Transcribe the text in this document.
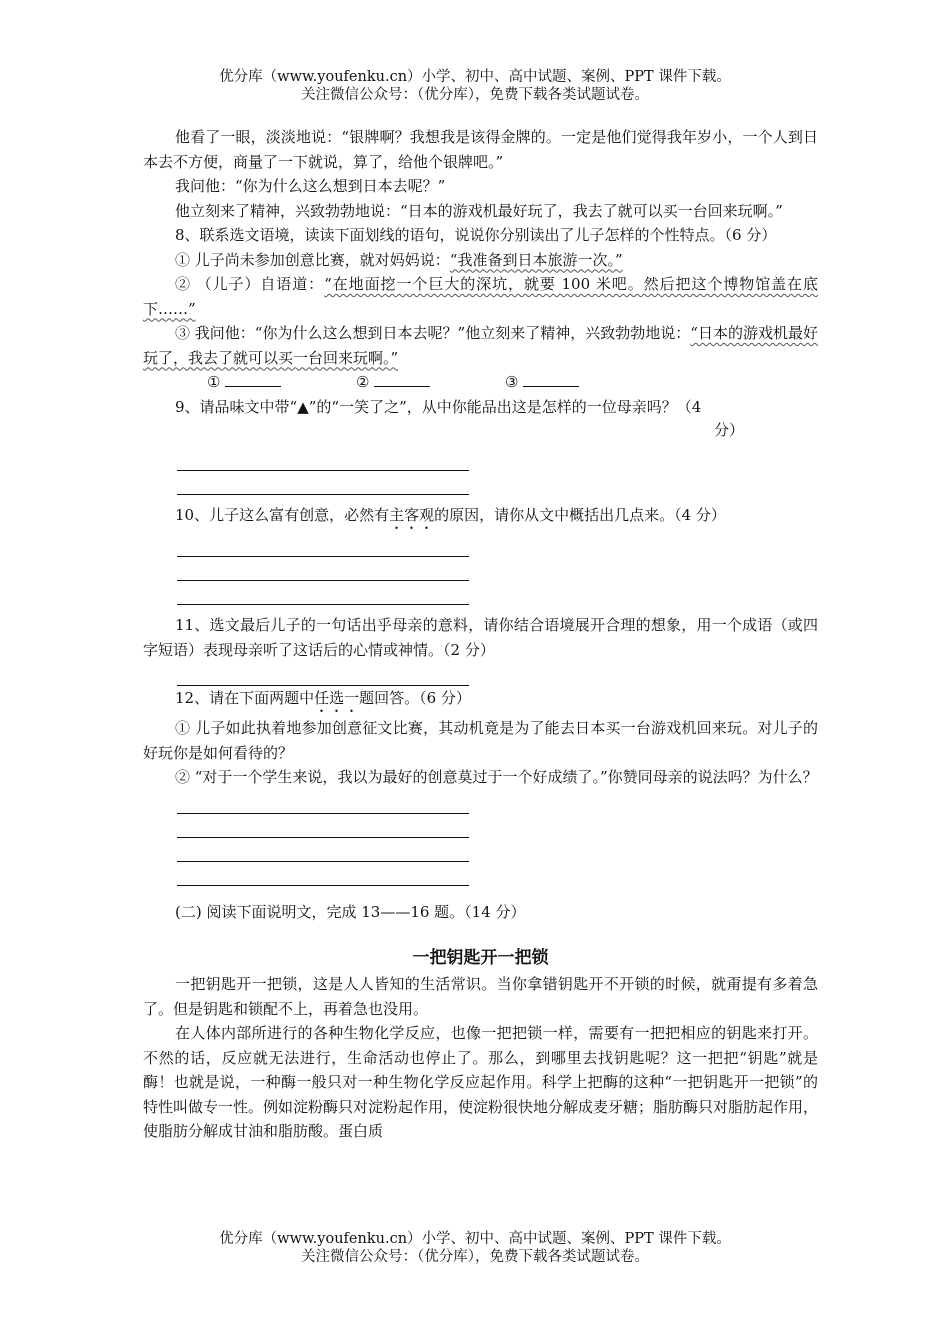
优分库（www.youfenku.cn）小学、初中、高中试题、案例、PPT 课件下载。
关注微信公众号：（优分库），免费下载各类试题试卷。

他看了一眼，淡淡地说：“银牌啊？我想我是该得金牌的。一定是他们觉得我年岁小，一个人到日本去不方便，商量了一下就说，算了，给他个银牌吧。”

我问他：“你为什么这么想到日本去呢？”

他立刻来了精神，兴致勃勃地说：“日本的游戏机最好玩了，我去了就可以买一台回来玩啊。”

8、联系选文语境，读读下面划线的语句，说说你分别读出了儿子怎样的个性特点。（6 分）

① 儿子尚未参加创意比赛，就对妈妈说：“我准备到日本旅游一次。”

② （儿子）自语道：“在地面挖一个巨大的深坑，就要 100 米吧。然后把这个博物馆盖在底下……”

③ 我问他：“你为什么这么想到日本去呢？”他立刻来了精神，兴致勃勃地说：“日本的游戏机最好玩了，我去了就可以买一台回来玩啊。”

①	②	③

9、请品味文中带“▲”的“一笑了之”，从中你能品出这是怎样的一位母亲吗？（4

分）

10、儿子这么富有创意，必然有主客观的原因，请你从文中概括出几点来。（4 分）

11、选文最后儿子的一句话出乎母亲的意料，请你结合语境展开合理的想象，用一个成语（或四字短语）表现母亲听了这话后的心情或神情。（2 分）

12、请在下面两题中任选一题回答。（6 分）

① 儿子如此执着地参加创意征文比赛，其动机竟是为了能去日本买一台游戏机回来玩。对儿子的好玩你是如何看待的？

② “对于一个学生来说，我以为最好的创意莫过于一个好成绩了。”你赞同母亲的说法吗？为什么？

(二) 阅读下面说明文，完成 13——16 题。（14 分）

一把钥匙开一把锁

一把钥匙开一把锁，这是人人皆知的生活常识。当你拿错钥匙开不开锁的时候，就甭提有多着急了。但是钥匙和锁配不上，再着急也没用。

在人体内部所进行的各种生物化学反应，也像一把把锁一样，需要有一把把相应的钥匙来打开。不然的话，反应就无法进行，生命活动也停止了。那么，到哪里去找钥匙呢？这一把把“钥匙”就是酶！也就是说，一种酶一般只对一种生物化学反应起作用。科学上把酶的这种“一把钥匙开一把锁”的特性叫做专一性。例如淀粉酶只对淀粉起作用，使淀粉很快地分解成麦牙糖；脂肪酶只对脂肪起作用，使脂肪分解成甘油和脂肪酸。蛋白质

优分库（www.youfenku.cn）小学、初中、高中试题、案例、PPT 课件下载。
关注微信公众号：（优分库），免费下载各类试题试卷。
